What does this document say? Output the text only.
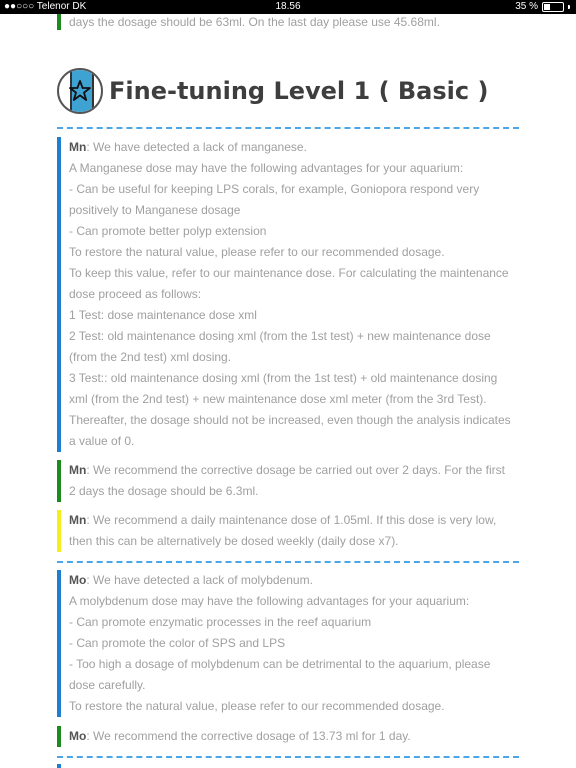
●●○○○ Telenor DK	18.56	35 %
days the dosage should be 63ml. On the last day please use 45.68ml.
Fine-tuning Level 1 ( Basic )
Mn: We have detected a lack of manganese.
A Manganese dose may have the following advantages for your aquarium:
- Can be useful for keeping LPS corals, for example, Goniopora respond very
positively to Manganese dosage
- Can promote better polyp extension
To restore the natural value, please refer to our recommended dosage.
To keep this value, refer to our maintenance dose. For calculating the maintenance
dose proceed as follows:
1 Test: dose maintenance dose xml
2 Test: old maintenance dosing xml (from the 1st test) + new maintenance dose
(from the 2nd test) xml dosing.
3 Test:: old maintenance dosing xml (from the 1st test) + old maintenance dosing
xml (from the 2nd test) + new maintenance dose xml meter (from the 3rd Test).
Thereafter, the dosage should not be increased, even though the analysis indicates
a value of 0.
Mn: We recommend the corrective dosage be carried out over 2 days. For the first
2 days the dosage should be 6.3ml.
Mn: We recommend a daily maintenance dose of 1.05ml. If this dose is very low,
then this can be alternatively be dosed weekly (daily dose x7).
Mo: We have detected a lack of molybdenum.
A molybdenum dose may have the following advantages for your aquarium:
- Can promote enzymatic processes in the reef aquarium
- Can promote the color of SPS and LPS
- Too high a dosage of molybdenum can be detrimental to the aquarium, please
dose carefully.
To restore the natural value, please refer to our recommended dosage.
Mo: We recommend the corrective dosage of 13.73 ml for 1 day.
